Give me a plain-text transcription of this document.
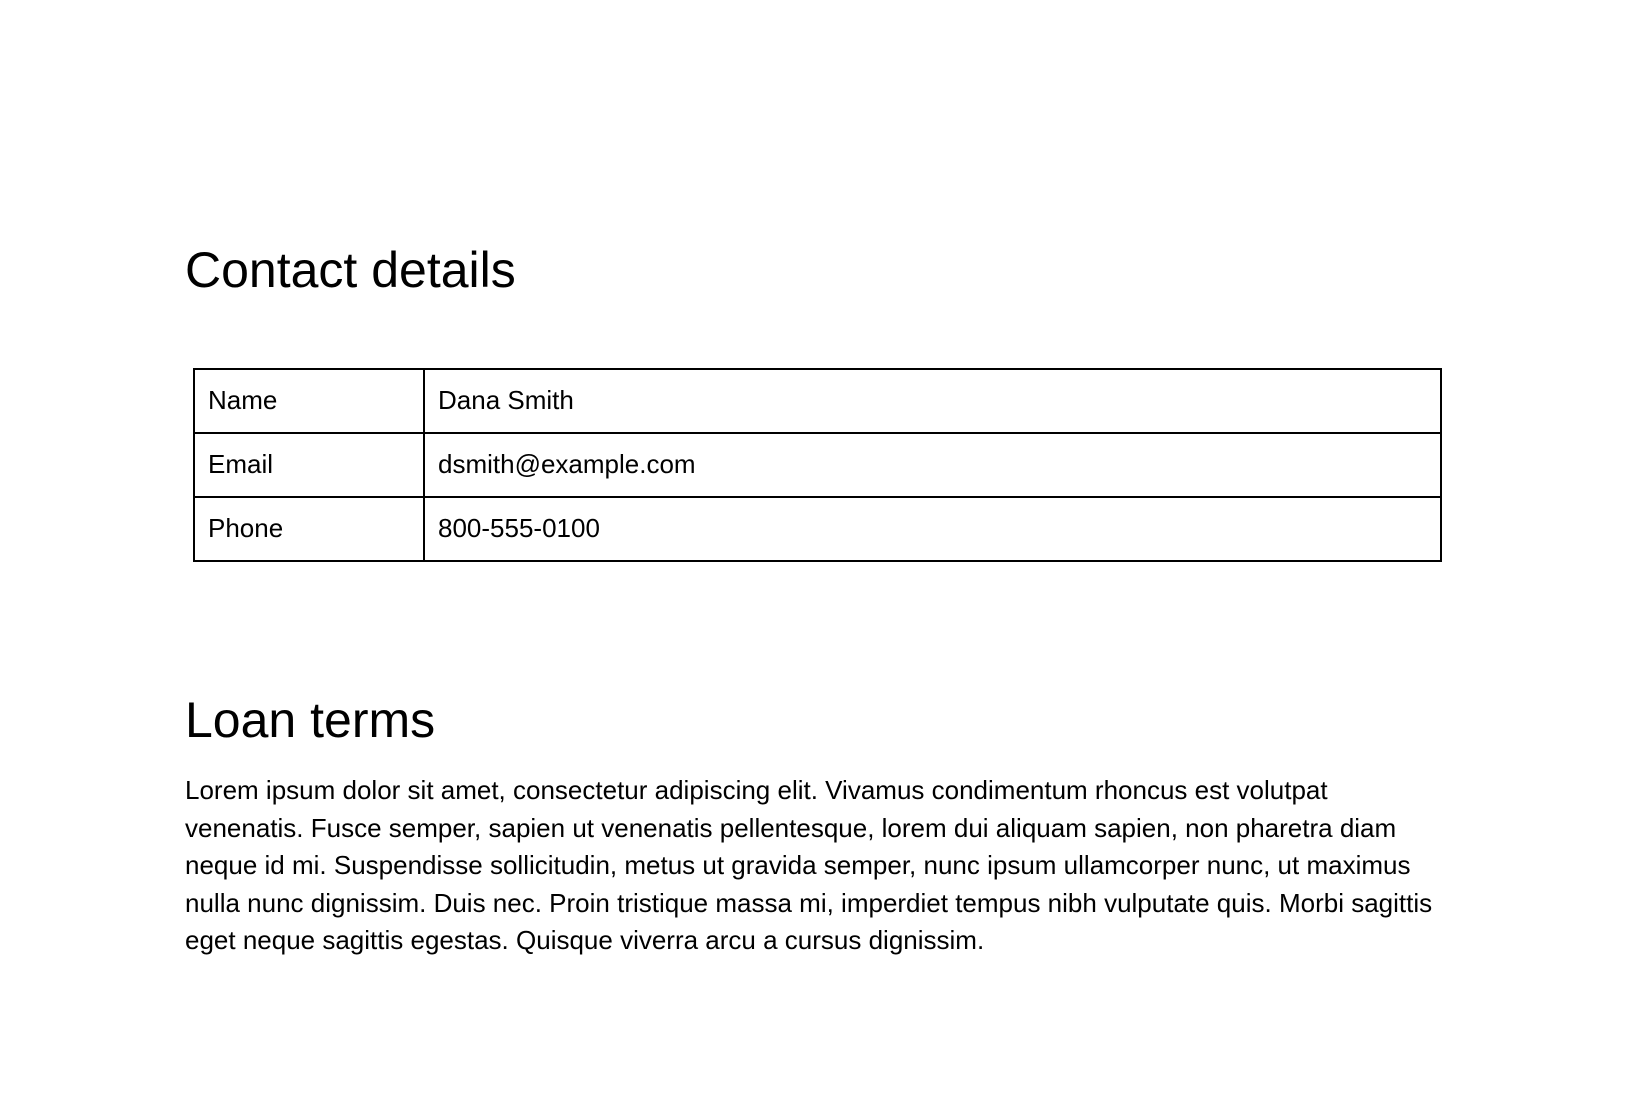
Contact details
Name	Dana Smith
Email	dsmith@example.com
Phone	800-555-0100
Loan terms

Lorem ipsum dolor sit amet, consectetur adipiscing elit. Vivamus condimentum rhoncus est volutpat venenatis. Fusce semper, sapien ut venenatis pellentesque, lorem dui aliquam sapien, non pharetra diam neque id mi. Suspendisse sollicitudin, metus ut gravida semper, nunc ipsum ullamcorper nunc, ut maximus nulla nunc dignissim. Duis nec. Proin tristique massa mi, imperdiet tempus nibh vulputate quis. Morbi sagittis eget neque sagittis egestas. Quisque viverra arcu a cursus dignissim.
